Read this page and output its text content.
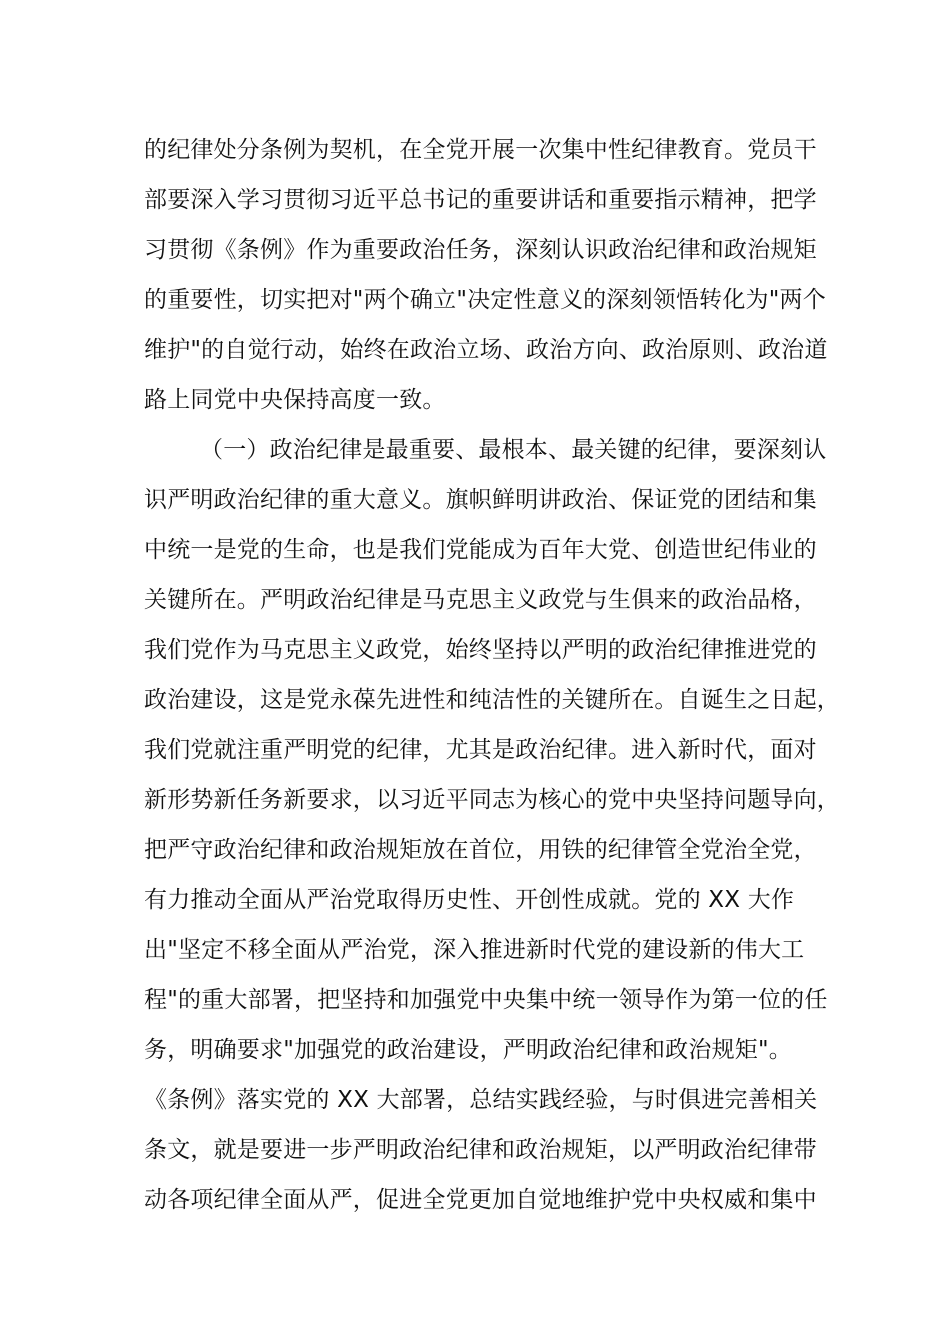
的纪律处分条例为契机，在全党开展一次集中性纪律教育。党员干
部要深入学习贯彻习近平总书记的重要讲话和重要指示精神，把学
习贯彻《条例》作为重要政治任务，深刻认识政治纪律和政治规矩
的重要性，切实把对"两个确立"决定性意义的深刻领悟转化为"两个
维护"的自觉行动，始终在政治立场、政治方向、政治原则、政治道
路上同党中央保持高度一致。
（一）政治纪律是最重要、最根本、最关键的纪律，要深刻认
识严明政治纪律的重大意义。旗帜鲜明讲政治、保证党的团结和集
中统一是党的生命，也是我们党能成为百年大党、创造世纪伟业的
关键所在。严明政治纪律是马克思主义政党与生俱来的政治品格，
我们党作为马克思主义政党，始终坚持以严明的政治纪律推进党的
政治建设，这是党永葆先进性和纯洁性的关键所在。自诞生之日起，
我们党就注重严明党的纪律，尤其是政治纪律。进入新时代，面对
新形势新任务新要求，以习近平同志为核心的党中央坚持问题导向，
把严守政治纪律和政治规矩放在首位，用铁的纪律管全党治全党，
有力推动全面从严治党取得历史性、开创性成就。党的 XX 大作
出"坚定不移全面从严治党，深入推进新时代党的建设新的伟大工
程"的重大部署，把坚持和加强党中央集中统一领导作为第一位的任
务，明确要求"加强党的政治建设，严明政治纪律和政治规矩"。
《条例》落实党的 XX 大部署，总结实践经验，与时俱进完善相关
条文，就是要进一步严明政治纪律和政治规矩，以严明政治纪律带
动各项纪律全面从严，促进全党更加自觉地维护党中央权威和集中
